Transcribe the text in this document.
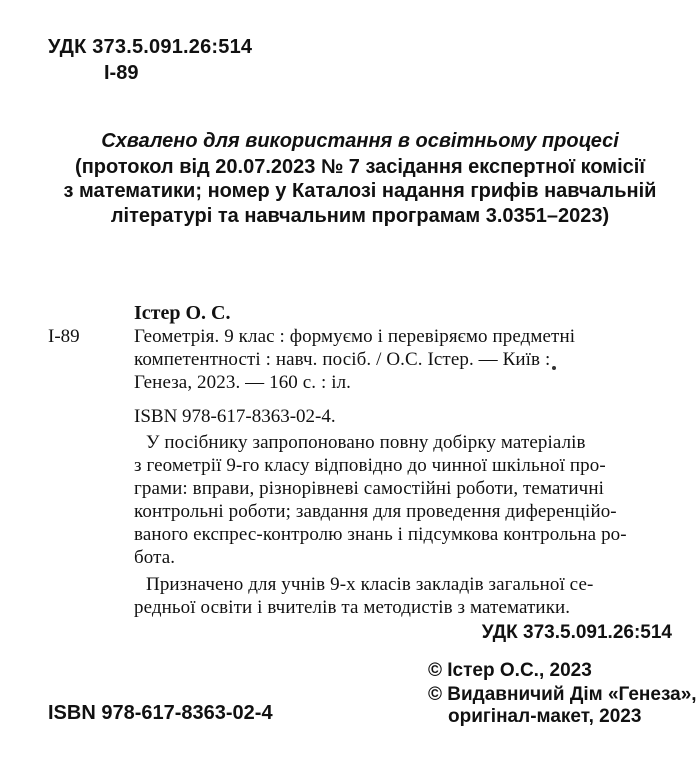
УДК 373.5.091.26:514
І-89
Схвалено для використання в освітньому процесі
(протокол від 20.07.2023 № 7 засідання експертної комісії
з математики; номер у Каталозі надання грифів навчальній
літературі та навчальним програмам 3.0351–2023)
Істер О. С.
І-89	Геометрія. 9 клас : формуємо і перевіряємо предметні
компетентності : навч. посіб. / О.С. Істер. — Київ :
Генеза, 2023. — 160 с. : іл.
ISBN 978-617-8363-02-4.
У посібнику запропоновано повну добірку матеріалів
з геометрії 9-го класу відповідно до чинної шкільної про-
грами: вправи, різнорівневі самостійні роботи, тематичні
контрольні роботи; завдання для проведення диференційо-
ваного експрес-контролю знань і підсумкова контрольна ро-
бота.
Призначено для учнів 9-х класів закладів загальної се-
редньої освіти і вчителів та методистів з математики.
УДК 373.5.091.26:514
© Істер О.С., 2023
© Видавничий Дім «Генеза»,
оригінал-макет, 2023
ISBN 978-617-8363-02-4
